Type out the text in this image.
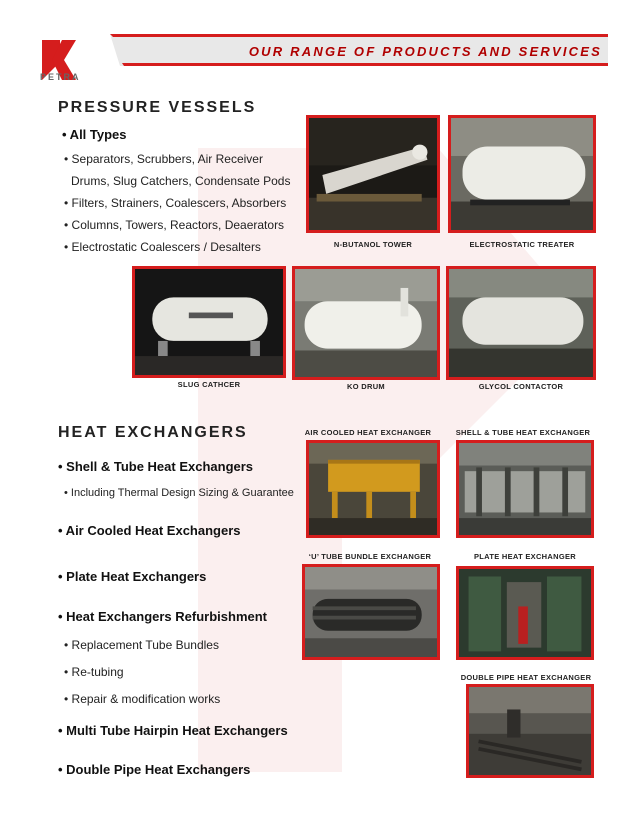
PETRA
OUR RANGE OF PRODUCTS AND SERVICES
PRESSURE VESSELS
• All Types
• Separators, Scrubbers, Air Receiver
Drums, Slug Catchers, Condensate Pods
• Filters, Strainers, Coalescers, Absorbers
• Columns, Towers, Reactors, Deaerators
• Electrostatic Coalescers / Desalters	N-BUTANOL TOWER	ELECTROSTATIC TREATER
SLUG CATHCER	KO DRUM	GLYCOL CONTACTOR
HEAT EXCHANGERS
• Shell & Tube Heat Exchangers
• Including Thermal Design Sizing & Guarantee
• Air Cooled Heat Exchangers
• Plate Heat Exchangers
• Heat Exchangers Refurbishment
• Replacement Tube Bundles
• Re-tubing
• Repair & modification works
• Multi Tube Hairpin Heat Exchangers
• Double Pipe Heat Exchangers
AIR COOLED HEAT EXCHANGER	SHELL & TUBE HEAT EXCHANGER
‘U’ TUBE BUNDLE EXCHANGER	PLATE HEAT EXCHANGER
DOUBLE PIPE HEAT EXCHANGER
